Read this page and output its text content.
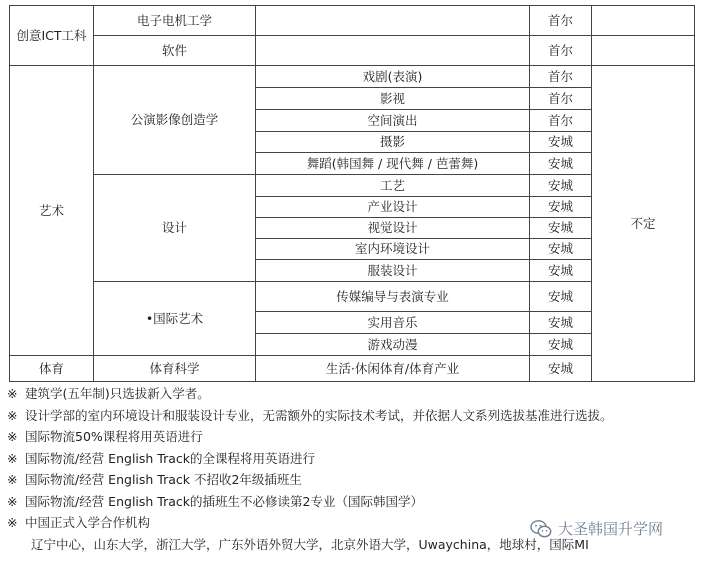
创意ICT工科	电子电机工学		首尔	
	软件		首尔	
艺术	公演影像创造学	戏剧(表演)	首尔	不定
		影视	首尔	
		空间演出	首尔	
		摄影	安城	
		舞蹈(韩国舞 / 现代舞 / 芭蕾舞)	安城	
	设计	工艺	安城	
		产业设计	安城	
		视觉设计	安城	
		室内环境设计	安城	
		服装设计	安城	
	•国际艺术	传媒编导与表演专业	安城	
		实用音乐	安城	
		游戏动漫	安城	
体育	体育科学	生活·休闲体育/体育产业	安城	
※ 建筑学(五年制)只选拔新入学者。
※ 设计学部的室内环境设计和服装设计专业，无需额外的实际技术考试，并依据人文系列选拔基准进行选拔。
※ 国际物流50%课程将用英语进行
※ 国际物流/经营 English Track的全课程将用英语进行
※ 国际物流/经营 English Track 不招收2年级插班生
※ 国际物流/经营 English Track的插班生不必修读第2专业（国际韩国学）
※ 中国正式入学合作机构
辽宁中心，山东大学，浙江大学，广东外语外贸大学，北京外语大学，Uwaychina，地球村，国际MI
大圣韩国升学网
